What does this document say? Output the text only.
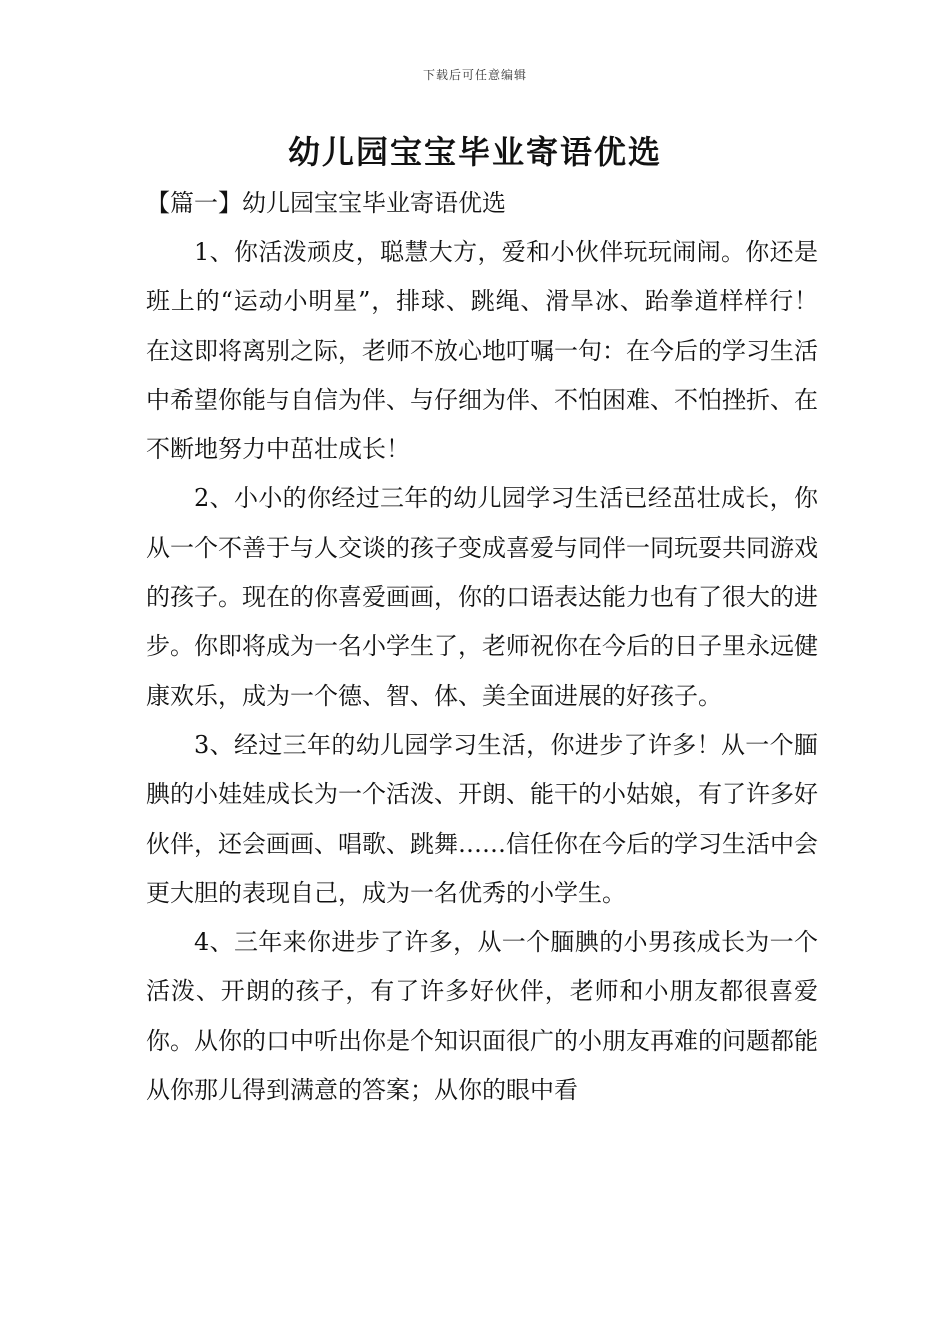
下载后可任意编辑
幼儿园宝宝毕业寄语优选

【篇一】幼儿园宝宝毕业寄语优选

1、你活泼顽皮，聪慧大方，爱和小伙伴玩玩闹闹。你还是班上的“运动小明星”，排球、跳绳、滑旱冰、跆拳道样样行！在这即将离别之际，老师不放心地叮嘱一句：在今后的学习生活中希望你能与自信为伴、与仔细为伴、不怕困难、不怕挫折、在不断地努力中茁壮成长！

2、小小的你经过三年的幼儿园学习生活已经茁壮成长，你从一个不善于与人交谈的孩子变成喜爱与同伴一同玩耍共同游戏的孩子。现在的你喜爱画画，你的口语表达能力也有了很大的进步。你即将成为一名小学生了，老师祝你在今后的日子里永远健康欢乐，成为一个德、智、体、美全面进展的好孩子。

3、经过三年的幼儿园学习生活，你进步了许多！从一个腼腆的小娃娃成长为一个活泼、开朗、能干的小姑娘，有了许多好伙伴，还会画画、唱歌、跳舞……信任你在今后的学习生活中会更大胆的表现自己，成为一名优秀的小学生。

4、三年来你进步了许多，从一个腼腆的小男孩成长为一个活泼、开朗的孩子，有了许多好伙伴，老师和小朋友都很喜爱你。从你的口中听出你是个知识面很广的小朋友再难的问题都能从你那儿得到满意的答案；从你的眼中看
